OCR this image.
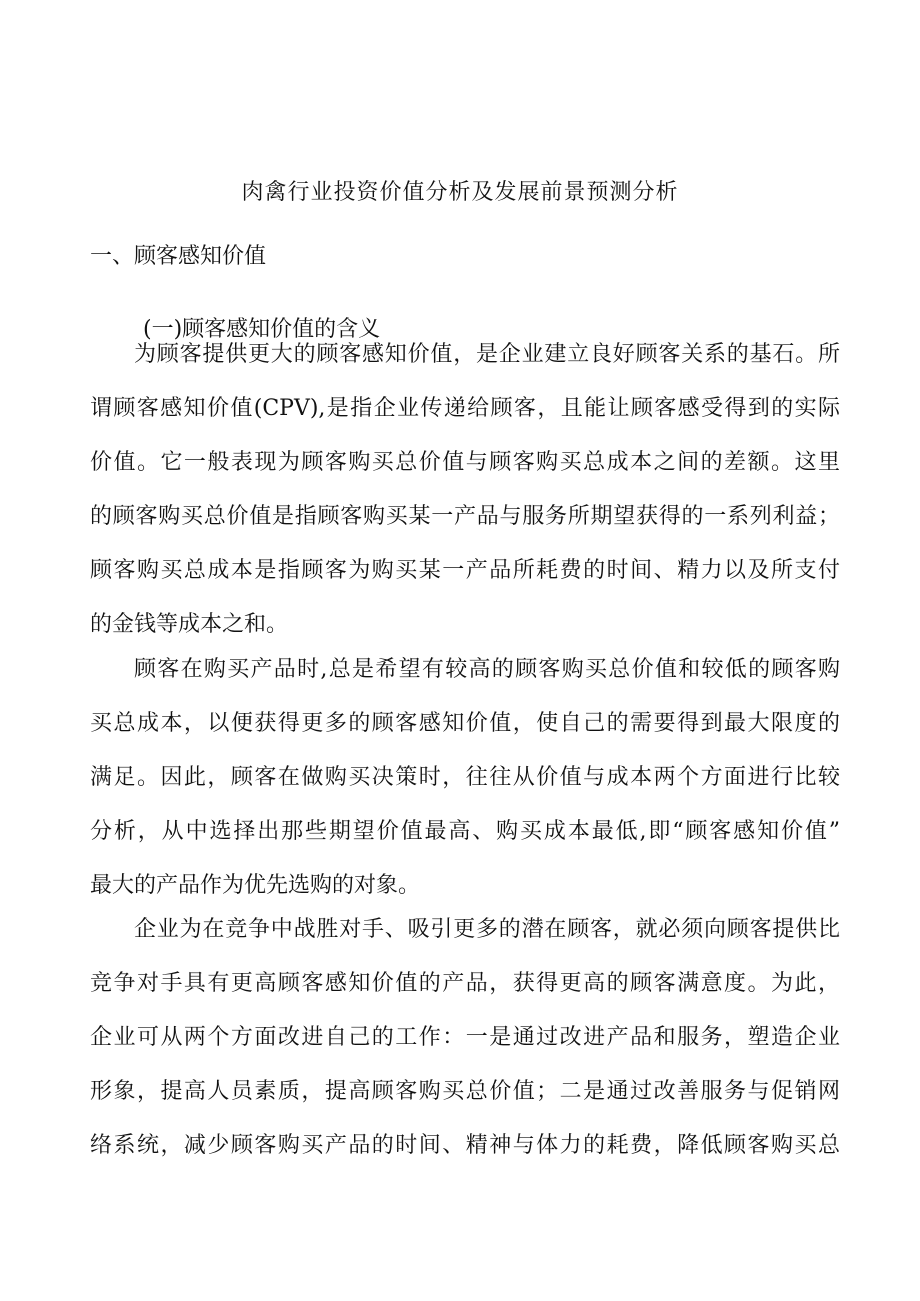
肉禽行业投资价值分析及发展前景预测分析
一、顾客感知价值
(一)顾客感知价值的含义
为顾客提供更大的顾客感知价值，是企业建立良好顾客关系的基石。所
谓顾客感知价值(CPV),是指企业传递给顾客，且能让顾客感受得到的实际
价值。它一般表现为顾客购买总价值与顾客购买总成本之间的差额。这里
的顾客购买总价值是指顾客购买某一产品与服务所期望获得的一系列利益；
顾客购买总成本是指顾客为购买某一产品所耗费的时间、精力以及所支付
的金钱等成本之和。
顾客在购买产品时,总是希望有较高的顾客购买总价值和较低的顾客购
买总成本，以便获得更多的顾客感知价值，使自己的需要得到最大限度的
满足。因此，顾客在做购买决策时，往往从价值与成本两个方面进行比较
分析，从中选择出那些期望价值最高、购买成本最低,即“顾客感知价值”
最大的产品作为优先选购的对象。
企业为在竞争中战胜对手、吸引更多的潜在顾客，就必须向顾客提供比
竞争对手具有更高顾客感知价值的产品，获得更高的顾客满意度。为此，
企业可从两个方面改进自己的工作：一是通过改进产品和服务，塑造企业
形象，提高人员素质，提高顾客购买总价值；二是通过改善服务与促销网
络系统，减少顾客购买产品的时间、精神与体力的耗费，降低顾客购买总
